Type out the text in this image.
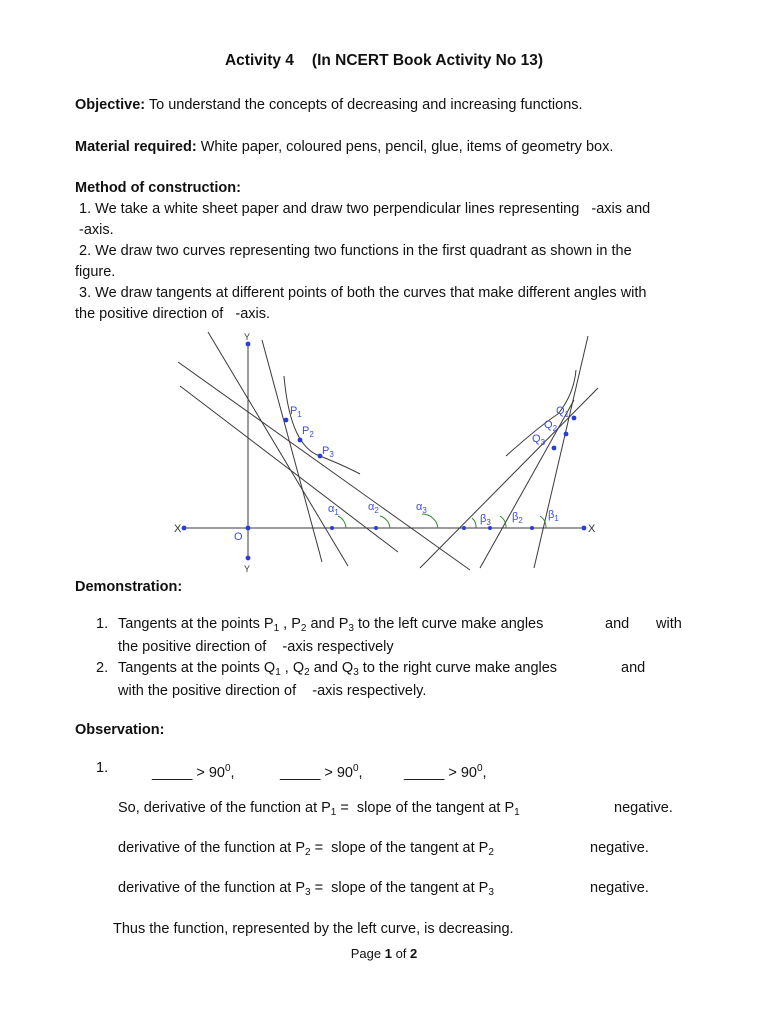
Activity 4 (In NCERT Book Activity No 13)
Objective: To understand the concepts of decreasing and increasing functions.
Material required: White paper, coloured pens, pencil, glue, items of geometry box.
Method of construction:
1. We take a white sheet paper and draw two perpendicular lines representing   -axis and
-axis.
2. We draw two curves representing two functions in the first quadrant as shown in the
figure.
3. We draw tangents at different points of both the curves that make different angles with
the positive direction of   -axis.
Y
Y
X	X
O
$P_1$
$P_2$
$P_3$
$Q_1$
$Q_2$
$Q_3$
$\alpha_1$	$\alpha_2$	$\alpha_3$
$\beta_3$ $\beta_2$ $\beta_1$
Demonstration:
1. Tangents at the points $P_1$ , $P_2$ and $P_3$ to the left curve make angles	and with
the positive direction of    -axis respectively
2. Tangents at the points $Q_1$ , $Q_2$ and $Q_3$ to the right curve make angles	and
with the positive direction of    -axis respectively.
Observation:
1.	_____ > $90^0$,	_____ > $90^0$,	_____ > $90^0$,
So, derivative of the function at $P_1$ =  slope of the tangent at $P_1$	negative.
derivative of the function at $P_2$ =  slope of the tangent at $P_2$	negative.
derivative of the function at $P_3$ =  slope of the tangent at $P_3$	negative.
Thus the function, represented by the left curve, is decreasing.
Page 1 of 2
